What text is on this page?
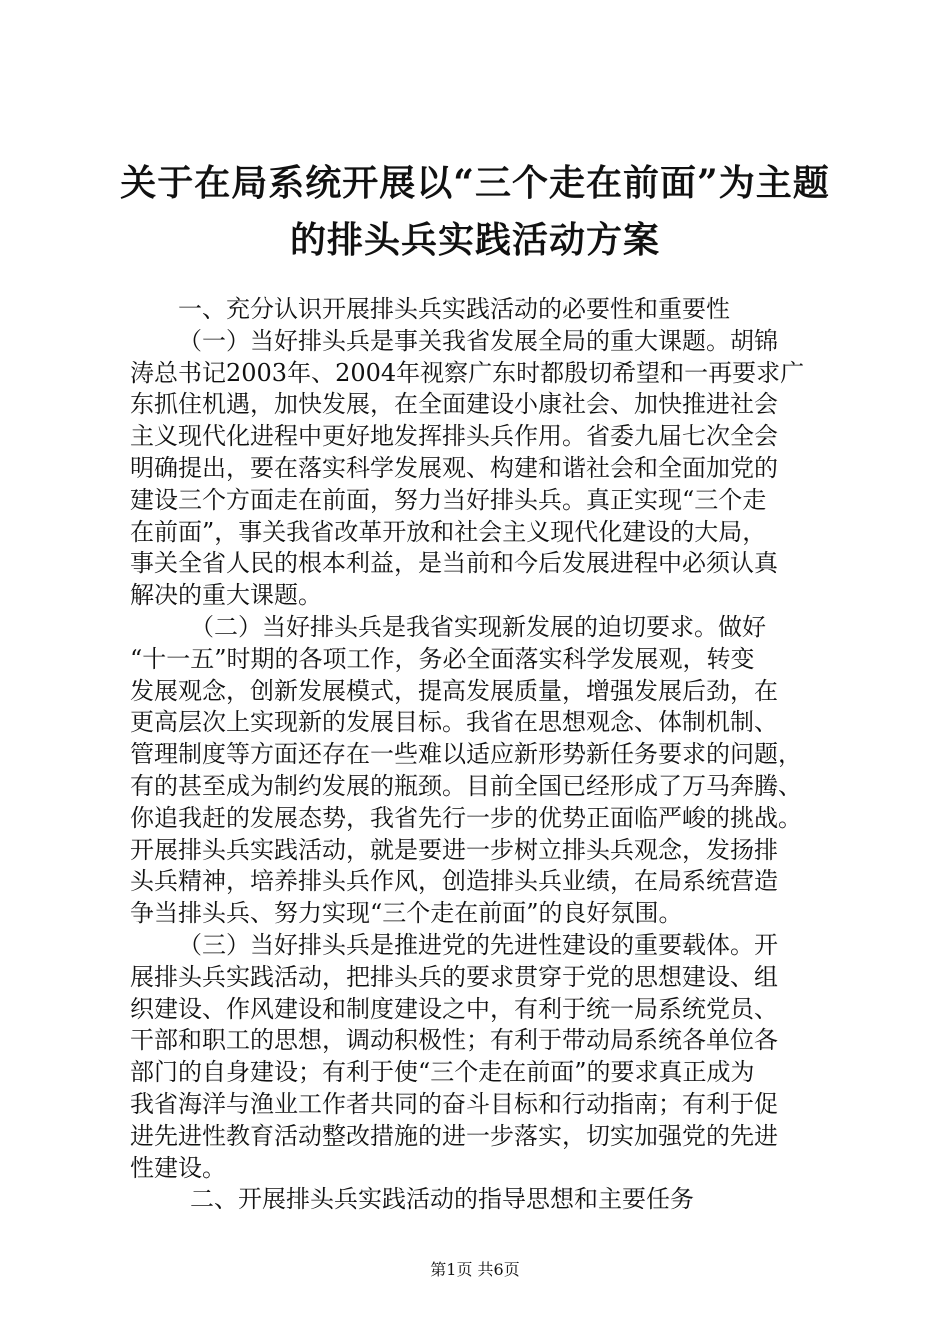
关于在局系统开展以“三个走在前面”为主题
的排头兵实践活动方案
一、充分认识开展排头兵实践活动的必要性和重要性
（一）当好排头兵是事关我省发展全局的重大课题。胡锦
涛总书记2003年、2004年视察广东时都殷切希望和一再要求广
东抓住机遇，加快发展，在全面建设小康社会、加快推进社会
主义现代化进程中更好地发挥排头兵作用。省委九届七次全会
明确提出，要在落实科学发展观、构建和谐社会和全面加党的
建设三个方面走在前面，努力当好排头兵。真正实现“三个走
在前面”，事关我省改革开放和社会主义现代化建设的大局，
事关全省人民的根本利益，是当前和今后发展进程中必须认真
解决的重大课题。
（二）当好排头兵是我省实现新发展的迫切要求。做好
“十一五”时期的各项工作，务必全面落实科学发展观，转变
发展观念，创新发展模式，提高发展质量，增强发展后劲，在
更高层次上实现新的发展目标。我省在思想观念、体制机制、
管理制度等方面还存在一些难以适应新形势新任务要求的问题，
有的甚至成为制约发展的瓶颈。目前全国已经形成了万马奔腾、
你追我赶的发展态势，我省先行一步的优势正面临严峻的挑战。
开展排头兵实践活动，就是要进一步树立排头兵观念，发扬排
头兵精神，培养排头兵作风，创造排头兵业绩，在局系统营造
争当排头兵、努力实现“三个走在前面”的良好氛围。
（三）当好排头兵是推进党的先进性建设的重要载体。开
展排头兵实践活动，把排头兵的要求贯穿于党的思想建设、组
织建设、作风建设和制度建设之中，有利于统一局系统党员、
干部和职工的思想，调动积极性；有利于带动局系统各单位各
部门的自身建设；有利于使“三个走在前面”的要求真正成为
我省海洋与渔业工作者共同的奋斗目标和行动指南；有利于促
进先进性教育活动整改措施的进一步落实，切实加强党的先进
性建设。
二、开展排头兵实践活动的指导思想和主要任务
第1页 共6页
